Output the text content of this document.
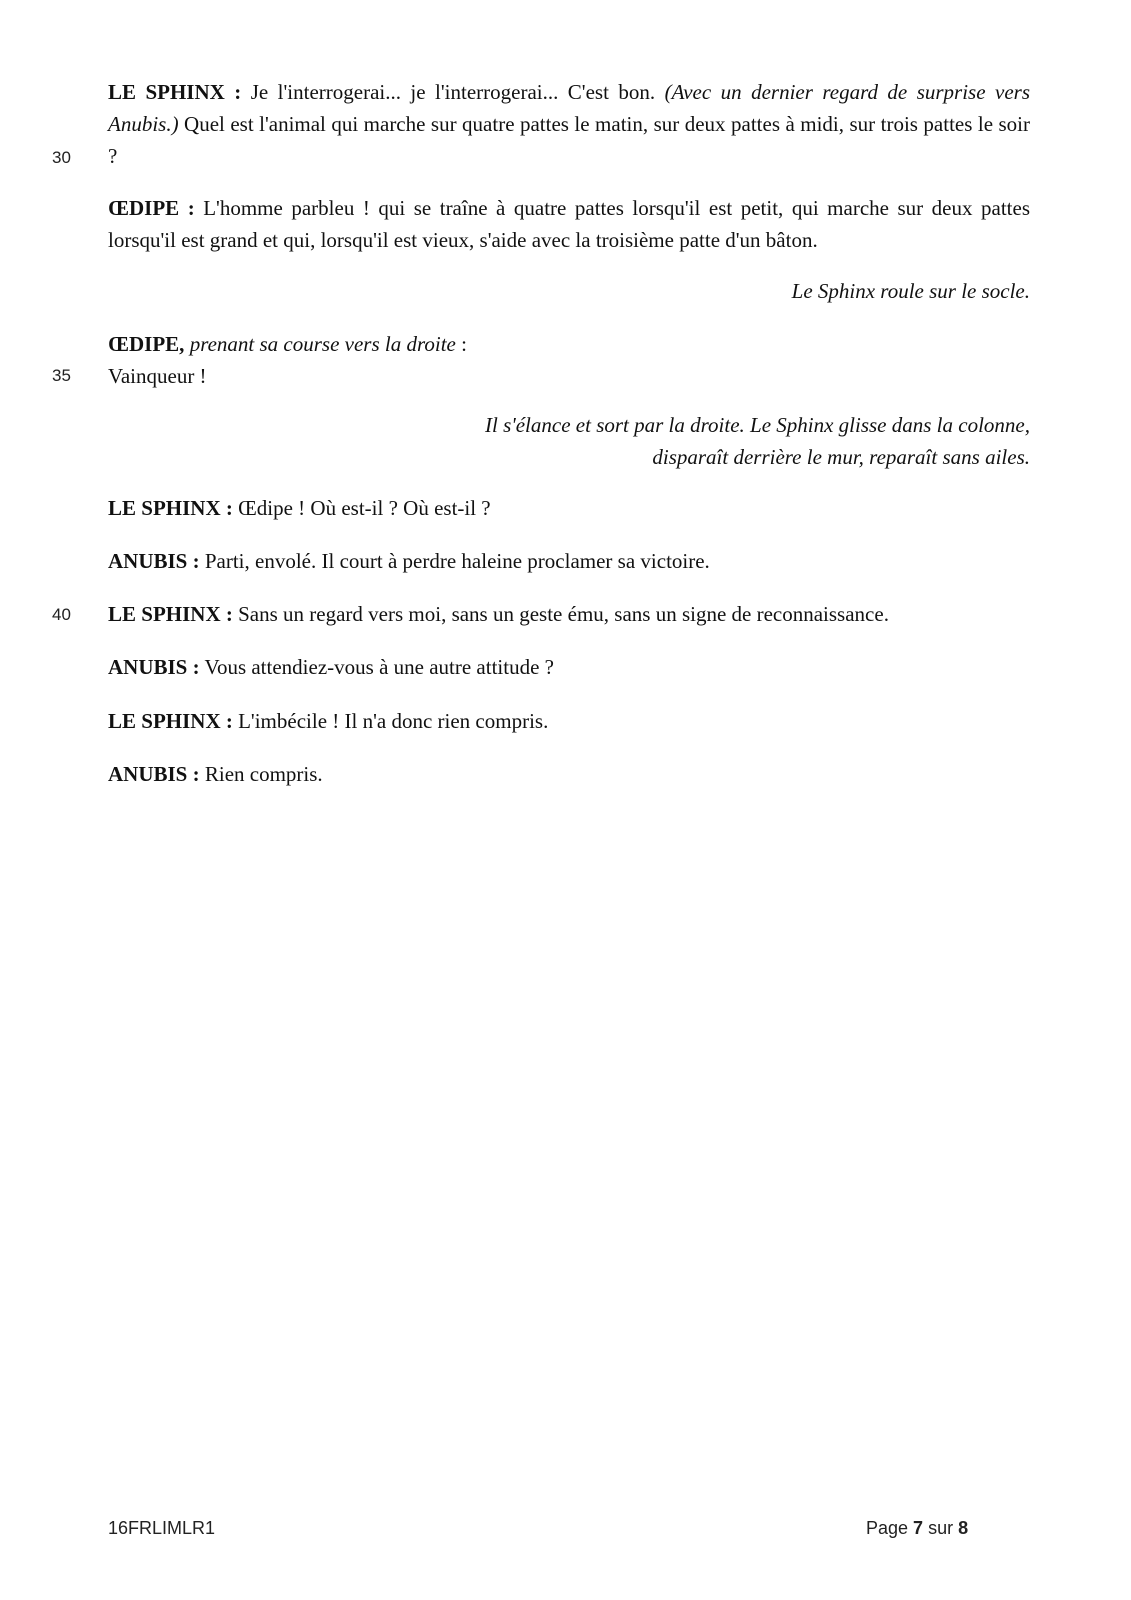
30
35
40

LE SPHINX : Je l'interrogerai... je l'interrogerai... C'est bon. (Avec un dernier regard de surprise vers Anubis.) Quel est l'animal qui marche sur quatre pattes le matin, sur deux pattes à midi, sur trois pattes le soir ?

ŒDIPE : L'homme parbleu ! qui se traîne à quatre pattes lorsqu'il est petit, qui marche sur deux pattes lorsqu'il est grand et qui, lorsqu'il est vieux, s'aide avec la troisième patte d'un bâton.

Le Sphinx roule sur le socle.

ŒDIPE, prenant sa course vers la droite :
Vainqueur !

Il s'élance et sort par la droite. Le Sphinx glisse dans la colonne,
disparaît derrière le mur, reparaît sans ailes.

LE SPHINX : Œdipe ! Où est-il ? Où est-il ?

ANUBIS : Parti, envolé. Il court à perdre haleine proclamer sa victoire.

LE SPHINX : Sans un regard vers moi, sans un geste ému, sans un signe de reconnaissance.

ANUBIS : Vous attendiez-vous à une autre attitude ?

LE SPHINX : L'imbécile ! Il n'a donc rien compris.

ANUBIS : Rien compris.

16FRLIMLR1	Page 7 sur 8
